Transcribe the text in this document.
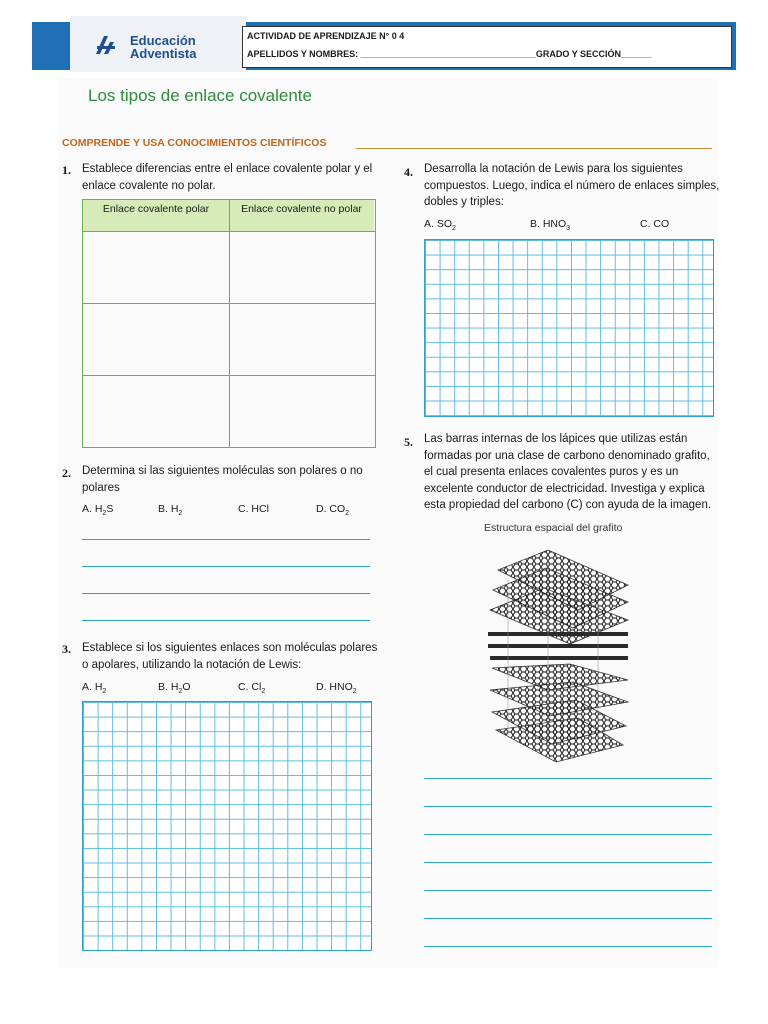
Educación
Adventista
ACTIVIDAD DE APRENDIZAJE N° 0 4
APELLIDOS Y NOMBRES: ___________________________________GRADO Y SECCIÓN______
Los tipos de enlace covalente
COMPRENDE Y USA CONOCIMIENTOS CIENTÍFICOS
1. Establece diferencias entre el enlace covalente polar y el enlace covalente no polar.
Enlace covalente polar	Enlace covalente no polar
2. Determina si las siguientes moléculas son polares o no polares
A. $H_2S$	B. $H_2$	C. HCl	D. $CO_2$
3. Establece si los siguientes enlaces son moléculas polares o apolares, utilizando la notación de Lewis:
A. $H_2$	B. $H_2O$	C. $Cl_2$	D. $HNO_2$
4. Desarrolla la notación de Lewis para los siguientes compuestos. Luego, indica el número de enlaces simples, dobles y triples:
A. $SO_2$	B. $HNO_3$	C. CO
5. Las barras internas de los lápices que utilizas están formadas por una clase de carbono denominado grafito, el cual presenta enlaces covalentes puros y es un excelente conductor de electricidad. Investiga y explica esta propiedad del carbono (C) con ayuda de la imagen.
Estructura espacial del grafito
